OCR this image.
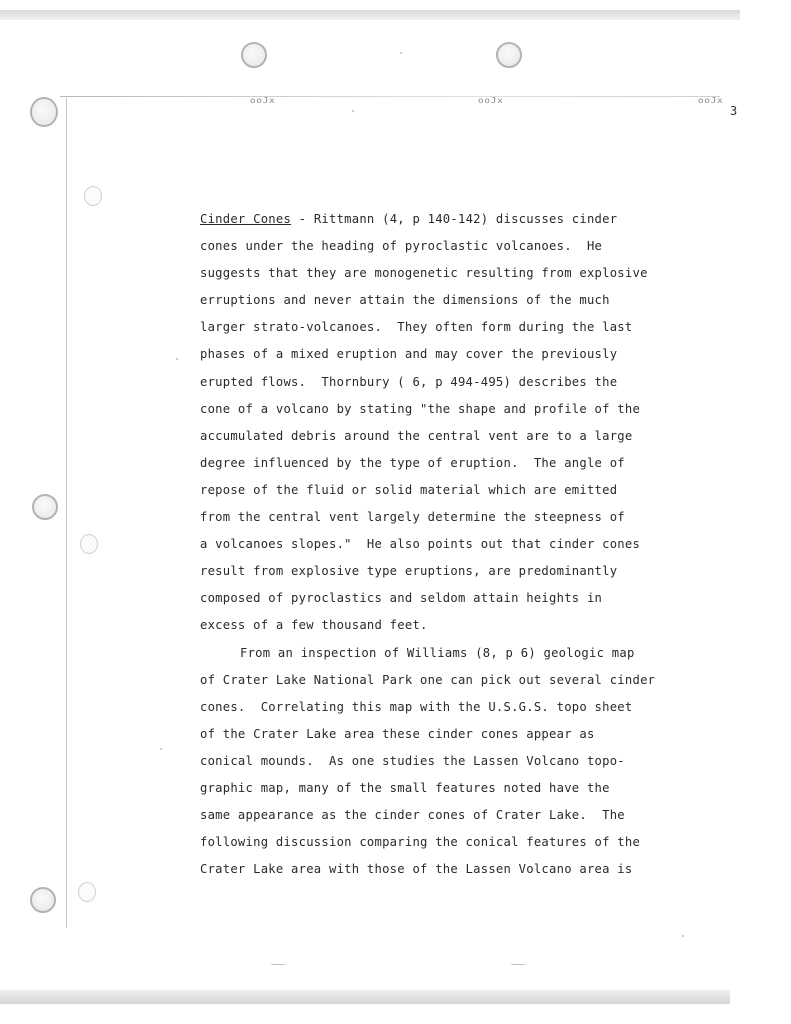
ooJx	ooJx	ooJx
3
Cinder Cones - Rittmann (4, p 140-142) discusses cinder
cones under the heading of pyroclastic volcanoes.  He
suggests that they are monogenetic resulting from explosive
erruptions and never attain the dimensions of the much
larger strato-volcanoes.  They often form during the last
phases of a mixed eruption and may cover the previously
erupted flows.  Thornbury ( 6, p 494-495) describes the
cone of a volcano by stating "the shape and profile of the
accumulated debris around the central vent are to a large
degree influenced by the type of eruption.  The angle of
repose of the fluid or solid material which are emitted
from the central vent largely determine the steepness of
a volcanoes slopes."  He also points out that cinder cones
result from explosive type eruptions, are predominantly
composed of pyroclastics and seldom attain heights in
excess of a few thousand feet.
From an inspection of Williams (8, p 6) geologic map
of Crater Lake National Park one can pick out several cinder
cones.  Correlating this map with the U.S.G.S. topo sheet
of the Crater Lake area these cinder cones appear as
conical mounds.  As one studies the Lassen Volcano topo-
graphic map, many of the small features noted have the
same appearance as the cinder cones of Crater Lake.  The
following discussion comparing the conical features of the
Crater Lake area with those of the Lassen Volcano area is
